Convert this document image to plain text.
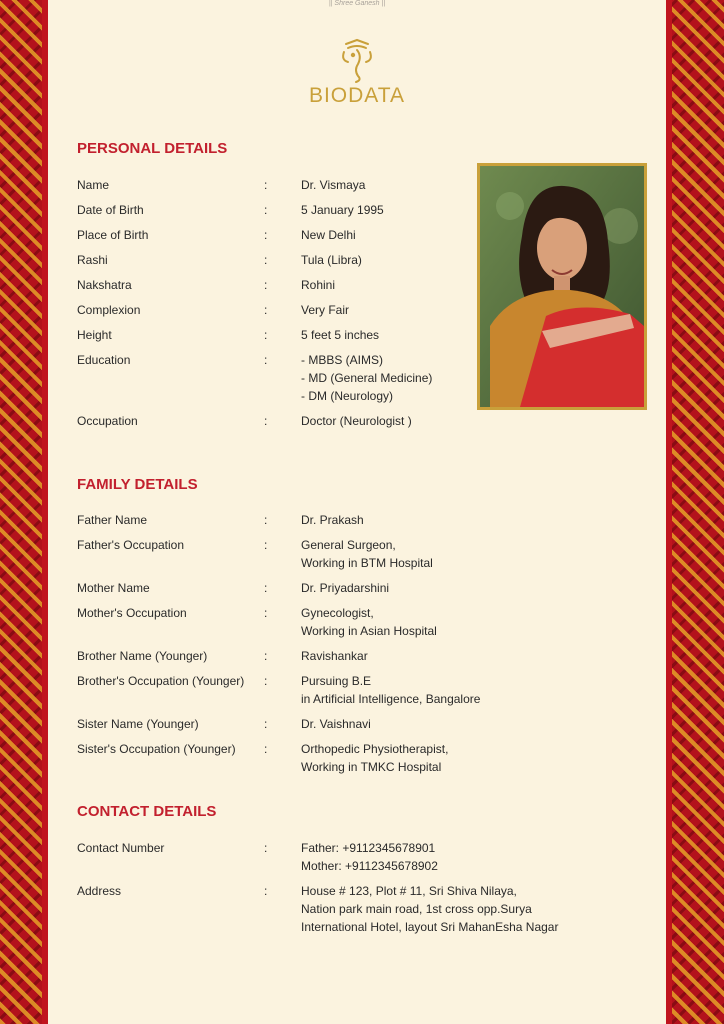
|| Shree Ganesh ||
BIODATA
PERSONAL DETAILS
Name	:	Dr. Vismaya
Date of Birth	:	5 January 1995
Place of Birth	:	New Delhi
Rashi	:	Tula (Libra)
Nakshatra	:	Rohini
Complexion	:	Very Fair
Height	:	5 feet 5 inches
Education	:	- MBBS (AIMS)
- MD (General Medicine)
- DM (Neurology)
Occupation	:	Doctor (Neurologist )
FAMILY DETAILS
Father Name	:	Dr. Prakash
Father's Occupation	:	General Surgeon,
Working in BTM Hospital
Mother Name	:	Dr. Priyadarshini
Mother's Occupation	:	Gynecologist,
Working in Asian Hospital
Brother Name (Younger)	:	Ravishankar
Brother's Occupation (Younger)	:	Pursuing B.E
in Artificial Intelligence, Bangalore
Sister Name (Younger)	:	Dr. Vaishnavi
Sister's Occupation (Younger)	:	Orthopedic Physiotherapist,
Working in TMKC Hospital
CONTACT DETAILS
Contact Number	:	Father: +9112345678901
Mother: +9112345678902
Address	:	House # 123, Plot # 11, Sri Shiva Nilaya,
Nation park main road, 1st cross opp.Surya
International Hotel, layout Sri MahanEsha Nagar
